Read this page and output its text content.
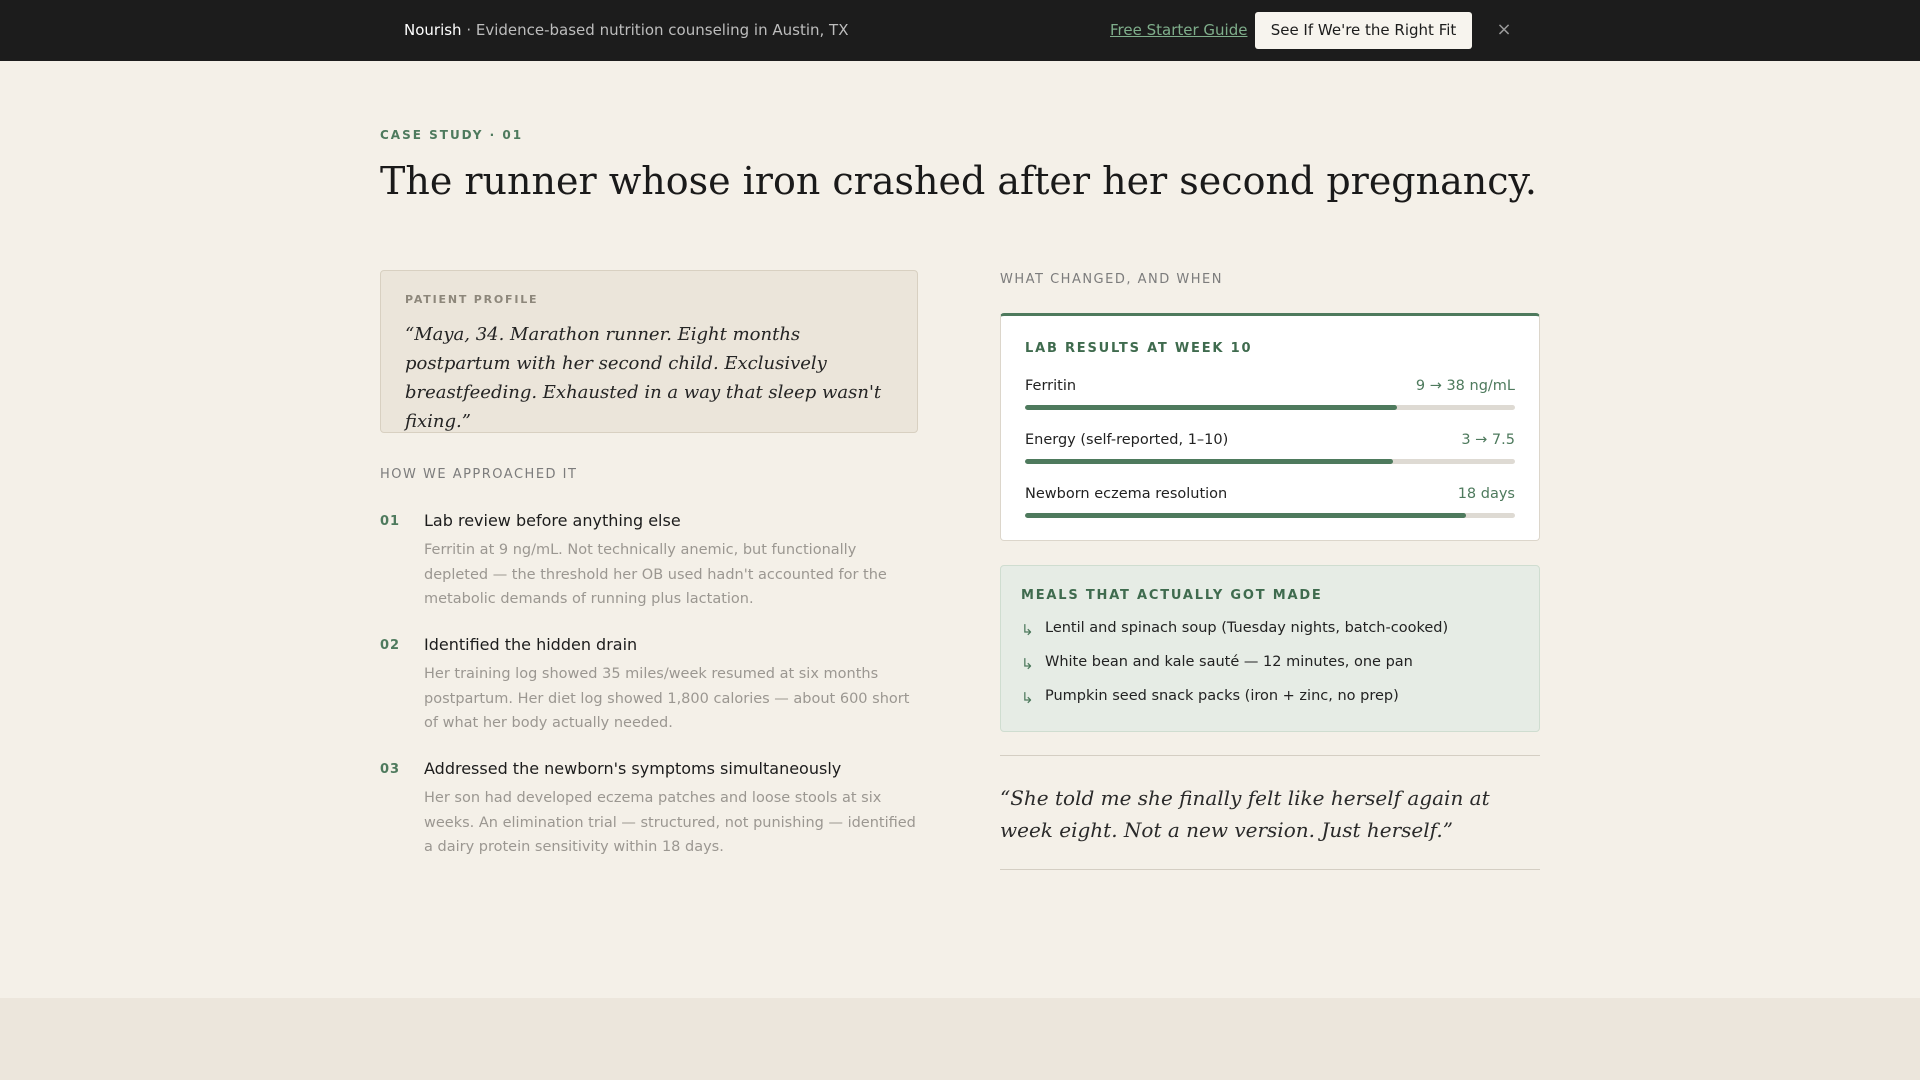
Nourish · Evidence-based nutrition counseling in Austin, TX	Free Starter Guide	See If We're the Right Fit	×
CASE STUDY · 01
The runner whose iron crashed after her second pregnancy.
PATIENT PROFILE
“Maya, 34. Marathon runner. Eight months postpartum with her second child. Exclusively breastfeeding. Exhausted in a way that sleep wasn't fixing.”
HOW WE APPROACHED IT
01 Lab review before anything else
Ferritin at 9 ng/mL. Not technically anemic, but functionally depleted — the threshold her OB used hadn't accounted for the metabolic demands of running plus lactation.
02 Identified the hidden drain
Her training log showed 35 miles/week resumed at six months postpartum. Her diet log showed 1,800 calories — about 600 short of what her body actually needed.
03 Addressed the newborn's symptoms simultaneously
Her son had developed eczema patches and loose stools at six weeks. An elimination trial — structured, not punishing — identified a dairy protein sensitivity within 18 days.
WHAT CHANGED, AND WHEN
LAB RESULTS AT WEEK 10
Ferritin	9 → 38 ng/mL
Energy (self-reported, 1–10)	3 → 7.5
Newborn eczema resolution	18 days
MEALS THAT ACTUALLY GOT MADE
↳ Lentil and spinach soup (Tuesday nights, batch-cooked)
↳ White bean and kale sauté — 12 minutes, one pan
↳ Pumpkin seed snack packs (iron + zinc, no prep)
“She told me she finally felt like herself again at week eight. Not a new version. Just herself.”
